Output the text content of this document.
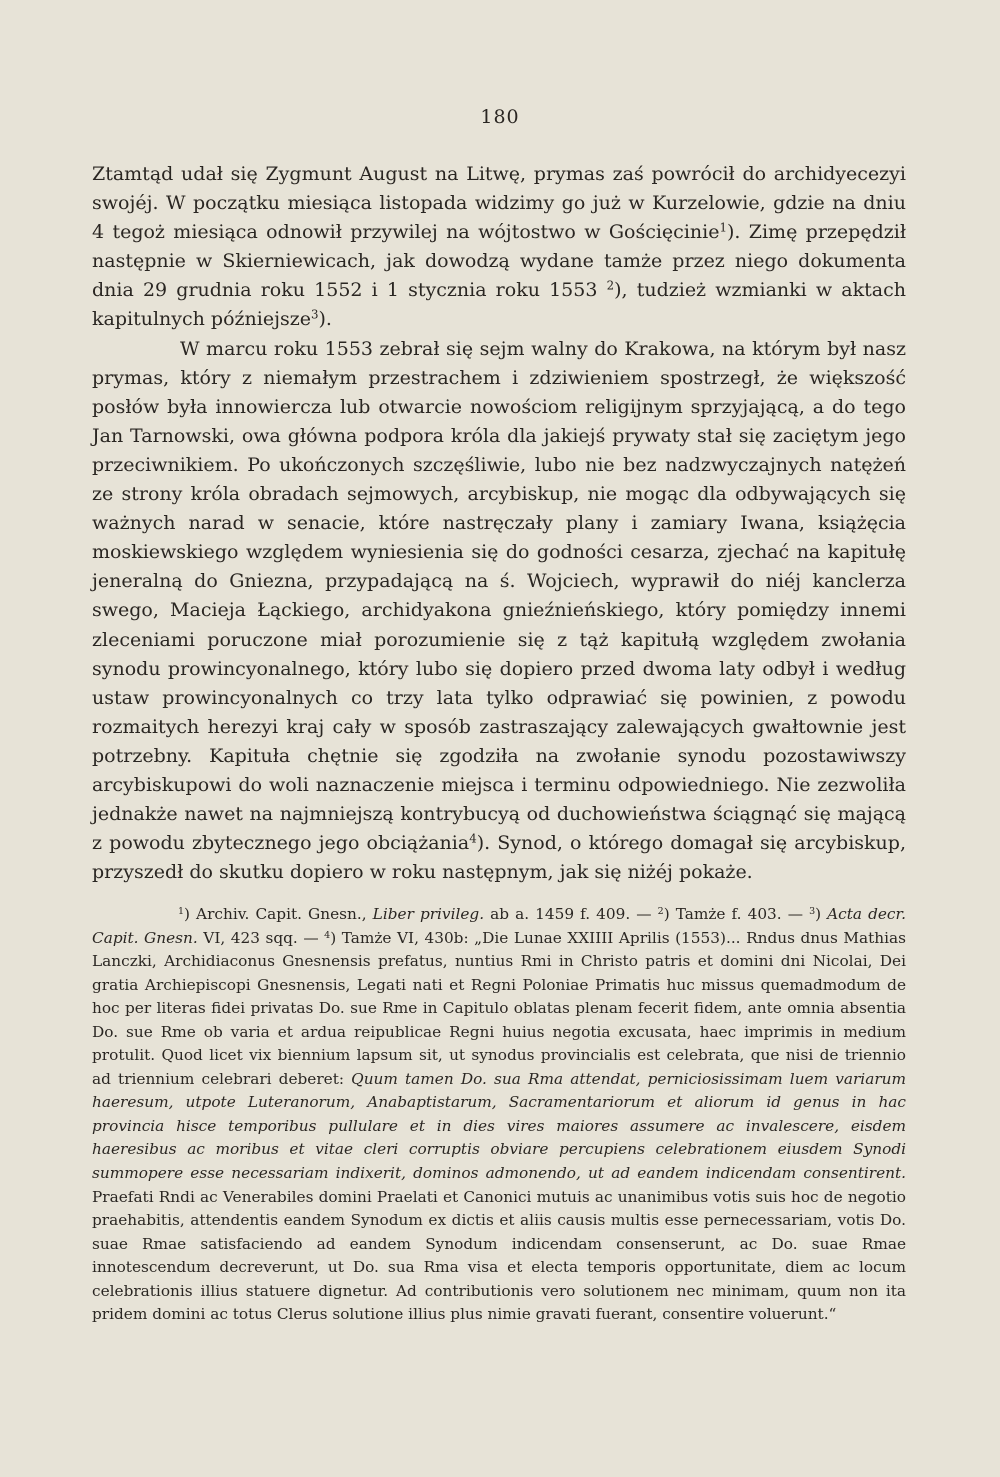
180

Ztamtąd udał się Zygmunt August na Litwę, prymas zaś powrócił do archidyecezyi swojéj. W początku miesiąca listopada widzimy go już w Kurzelowie, gdzie na dniu 4 tegoż miesiąca odnowił przywilej na wójtostwo w Gościęcinie$^1$). Zimę przepędził następnie w Skierniewicach, jak dowodzą wydane tamże przez niego dokumenta dnia 29 grudnia roku 1552 i 1 stycznia roku 1553 $^2$), tudzież wzmianki w aktach kapitulnych późniejsze$^3$).

W marcu roku 1553 zebrał się sejm walny do Krakowa, na którym był nasz prymas, który z niemałym przestrachem i zdziwieniem spostrzegł, że większość posłów była innowiercza lub otwarcie nowościom religijnym sprzyjającą, a do tego Jan Tarnowski, owa główna podpora króla dla jakiejś prywaty stał się zaciętym jego przeciwnikiem. Po ukończonych szczęśliwie, lubo nie bez nadzwyczajnych natężeń ze strony króla obradach sejmowych, arcybiskup, nie mogąc dla odbywających się ważnych narad w senacie, które nastręczały plany i zamiary Iwana, książęcia moskiewskiego względem wyniesienia się do godności cesarza, zjechać na kapitułę jeneralną do Gniezna, przypadającą na ś. Wojciech, wyprawił do niéj kanclerza swego, Macieja Łąckiego, archidyakona gnieźnieńskiego, który pomiędzy innemi zleceniami poruczone miał porozumienie się z tąż kapitułą względem zwołania synodu prowincyonalnego, który lubo się dopiero przed dwoma laty odbył i według ustaw prowincyonalnych co trzy lata tylko odprawiać się powinien, z powodu rozmaitych herezyi kraj cały w sposób zastraszający zalewających gwałtownie jest potrzebny. Kapituła chętnie się zgodziła na zwołanie synodu pozostawiwszy arcybiskupowi do woli naznaczenie miejsca i terminu odpowiedniego. Nie zezwoliła jednakże nawet na najmniejszą kontrybucyą od duchowieństwa ściągnąć się mającą z powodu zbytecznego jego obciążania$^4$). Synod, o którego domagał się arcybiskup, przyszedł do skutku dopiero w roku następnym, jak się niżéj pokaże.

$^1$) Archiv. Capit. Gnesn., Liber privileg. ab a. 1459 f. 409. — $^2$) Tamże f. 403. — $^3$) Acta decr. Capit. Gnesn. VI, 423 sqq. — $^4$) Tamże VI, 430b: „Die Lunae XXIIII Aprilis (1553)... Rndus dnus Mathias Lanczki, Archidiaconus Gnesnensis prefatus, nuntius Rmi in Christo patris et domini dni Nicolai, Dei gratia Archiepiscopi Gnesnensis, Legati nati et Regni Poloniae Primatis huc missus quemadmodum de hoc per literas fidei privatas Do. sue Rme in Capitulo oblatas plenam fecerit fidem, ante omnia absentia Do. sue Rme ob varia et ardua reipublicae Regni huius negotia excusata, haec imprimis in medium protulit. Quod licet vix biennium lapsum sit, ut synodus provincialis est celebrata, que nisi de triennio ad triennium celebrari deberet: Quum tamen Do. sua Rma attendat, perniciosissimam luem variarum haeresum, utpote Luteranorum, Anabaptistarum, Sacramentariorum et aliorum id genus in hac provincia hisce temporibus pullulare et in dies vires maiores assumere ac invalescere, eisdem haeresibus ac moribus et vitae cleri corruptis obviare percupiens celebrationem eiusdem Synodi summopere esse necessariam indixerit, dominos admonendo, ut ad eandem indicendam consentirent. Praefati Rndi ac Venerabiles domini Praelati et Canonici mutuis ac unanimibus votis suis hoc de negotio praehabitis, attendentis eandem Synodum ex dictis et aliis causis multis esse pernecessariam, votis Do. suae Rmae satisfaciendo ad eandem Synodum indicendam consenserunt, ac Do. suae Rmae innotescendum decreverunt, ut Do. sua Rma visa et electa temporis opportunitate, diem ac locum celebrationis illius statuere dignetur. Ad contributionis vero solutionem nec minimam, quum non ita pridem domini ac totus Clerus solutione illius plus nimie gravati fuerant, consentire voluerunt.“
